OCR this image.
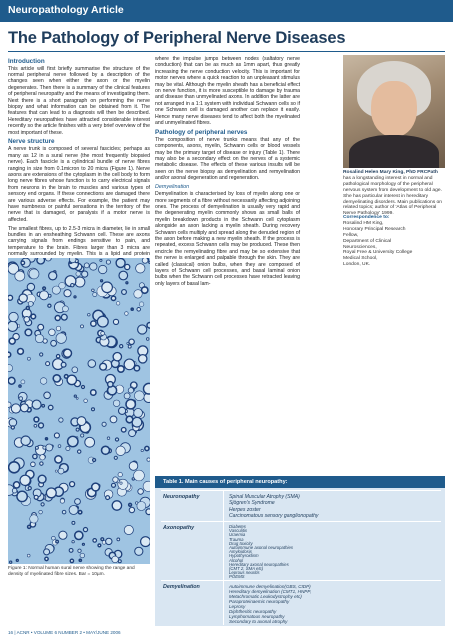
Neuropathology Article
The Pathology of Peripheral Nerve Diseases
Introduction

This article will first briefly summarise the structure of the normal peripheral nerve followed by a description of the changes seen when either the axon or the myelin degenerates. Then there is a summary of the clinical features of peripheral neuropathy and the means of investigating them. Next there is a short paragraph on performing the nerve biopsy and what information can be obtained from it. The features that can lead to a diagnosis will then be described. Hereditary neuropathies have attracted considerable interest recently so the article finishes with a very brief overview of the most important of these.

Nerve structure

A nerve trunk is composed of several fascicles; perhaps as many as 12 in a sural nerve (the most frequently biopsied nerve). Each fascicle is a cylindrical bundle of nerve fibres ranging in size from 0.1micron to 20 micra (Figure 1). Nerve axons are extensions of the cytoplasm in the cell body to form long nerve fibres whose function is to carry electrical signals from neurons in the brain to muscles and various types of sensory end organs. If these connections are damaged there are various adverse effects. For example, the patient may have numbness or painful sensations in the territory of the nerve that is damaged, or paralysis if a motor nerve is affected.

The smallest fibres, up to 2.5-3 micra in diameter, lie in small bundles in an ensheathing Schwann cell. These are axons carrying signals from endings sensitive to pain, and temperature to the brain. Fibres larger than 3 micra are normally surrounded by myelin. This is a lipid and protein

where the impulse jumps between nodes (saltatory nerve conduction) that can be as much as 1mm apart, thus greatly increasing the nerve conduction velocity. This is important for motor nerves where a quick reaction to an unpleasant stimulus may be vital. Although the myelin sheath has a beneficial effect on nerve function, it is more susceptible to damage by trauma and disease than unmyelinated axons. In addition the latter are not arranged in a 1:1 system with individual Schwann cells so if one Schwann cell is damaged another can replace it easily. Hence many nerve diseases tend to affect both the myelinated and unmyelinated fibres.

Pathology of peripheral nerves

The composition of nerve trunks means that any of the components, axons, myelin, Schwann cells or blood vessels may be the primary target of disease or injury (Table 1). There may also be a secondary effect on the nerves of a systemic metabolic disease. The effects of these various insults will be seen on the nerve biopsy as demyelination and remyelination and/or axonal degeneration and regeneration.

Demyelination

Demyelination is characterised by loss of myelin along one or more segments of a fibre without necessarily affecting adjoining ones. The process of demyelination is usually very rapid and the degenerating myelin commonly shows as small balls of myelin breakdown products in the Schwann cell cytoplasm alongside an axon lacking a myelin sheath. During recovery Schwann cells multiply and spread along the denuded region of the axon before making a new myelin sheath. If the process is repeated, excess Schwann cells may be produced. These then encircle the remyelinating fibre and may be so extensive that the nerve is enlarged and palpable through the skin. They are called (classical) onion bulbs, when they are composed of layers of Schwann cell processes, and basal laminal onion bulbs when the Schwann cell processes have retracted leaving only layers of basal lam-

Rosalind Helen Mary King, PhD FRCPath has a longstanding interest in normal and pathological morphology of the peripheral nervous system from development to old age. She has particular interest in hereditary demyelinating disorders. Main publications on related topics; author of 'Atlas of Peripheral Nerve Pathology' 1999.
Correspondence to:
Rosalind HM King,
Honorary Principal Research
Fellow,
Department of Clinical
Neurosciences,
Royal Free & University College
Medical School,
London, UK.
Figure 1: Normal human sural nerve showing the range and density of myelinated fibre sizes. Bar = 10µm.
Table 1. Main causes of peripheral neuropathy:
Neuronopathy	Spinal Muscular Atrophy (SMA)
Sjögren's Syndrome
Herpes zoster
Carcinomatous sensory ganglionopathy
Axonopathy	Diabetes
Vasculitis
Uraemia
Trauma
Drug toxicity
Autoimmune axonal neuropathies
Amyloidosis
Hypothyroidism
Alcohol
Hereditary axonal neuropathies
(CMT 2, SMA etc)
Leprous neuritis
POEMS
Demyelination	Autoimmune demyelination(GBS, CIDP)
Hereditary demyelination (CMT1, HNPP,
Metachromatic Leukodystrophy etc)
Paraproteinaemic neuropathy
Leprosy
Diphtheritic neuropathy
Lymphomatous neuropathy
Secondary to axonal atrophy
16 | ACNR • VOLUME 6 NUMBER 2 • MAY/JUNE 2006
